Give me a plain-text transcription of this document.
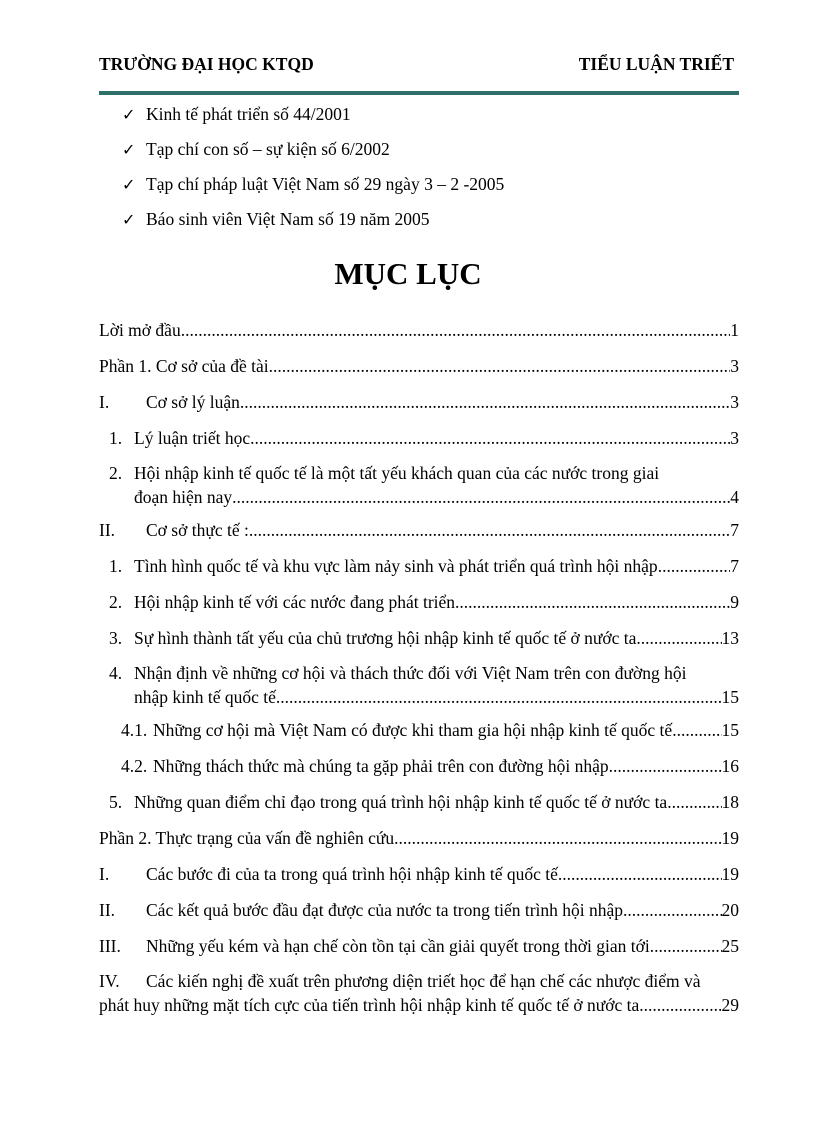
TRƯỜNG ĐẠI HỌC KTQD	TIỂU LUẬN TRIẾT
✓ Kinh tế phát triển số 44/2001
✓ Tạp chí con số – sự kiện số 6/2002
✓ Tạp chí pháp luật Việt Nam số 29 ngày 3 – 2 -2005
✓ Báo sinh viên Việt Nam số 19 năm 2005
MỤC LỤC
Lời mở đầu .....	1
Phần 1. Cơ sở của đề tài .....	3
I.	Cơ sở lý luận .....	3
1. Lý luận triết học .....	3
2. Hội nhập kinh tế quốc tế là một tất yếu khách quan của các nước trong giai
đoạn hiện nay .....	4
II.	Cơ sở thực tế : .....	7
1. Tình hình quốc tế và khu vực làm nảy sinh và phát triển quá trình hội nhập .....	7
2. Hội nhập kinh tế với các nước đang phát triển .....	9
3. Sự hình thành tất yếu của chủ trương hội nhập kinh tế quốc tế ở nước ta .....	13
4. Nhận định về những cơ hội và thách thức đối với Việt Nam trên con đường hội
nhập kinh tế quốc tế. .....	15
4.1. Những cơ hội mà Việt Nam có được khi tham gia hội nhập kinh tế quốc tế .....	15
4.2. Những thách thức mà chúng ta gặp phải trên con đường hội nhập .....	16
5. Những quan điểm chỉ đạo trong quá trình hội nhập kinh tế quốc tế ở nước ta .....	18
Phần 2. Thực trạng của vấn đề nghiên cứu .....	19
I.	Các bước đi của ta trong quá trình hội nhập kinh tế quốc tế .....	19
II.	Các kết quả bước đầu đạt được của nước ta trong tiến trình hội nhập .....	20
III.	Những yếu kém và hạn chế còn tồn tại cần giải quyết trong thời gian tới .....	25
IV. Các kiến nghị đề xuất trên phương diện triết học để hạn chế các nhược điểm và
phát huy những mặt tích cực của tiến trình hội nhập kinh tế quốc tế ở nước ta .....	29
